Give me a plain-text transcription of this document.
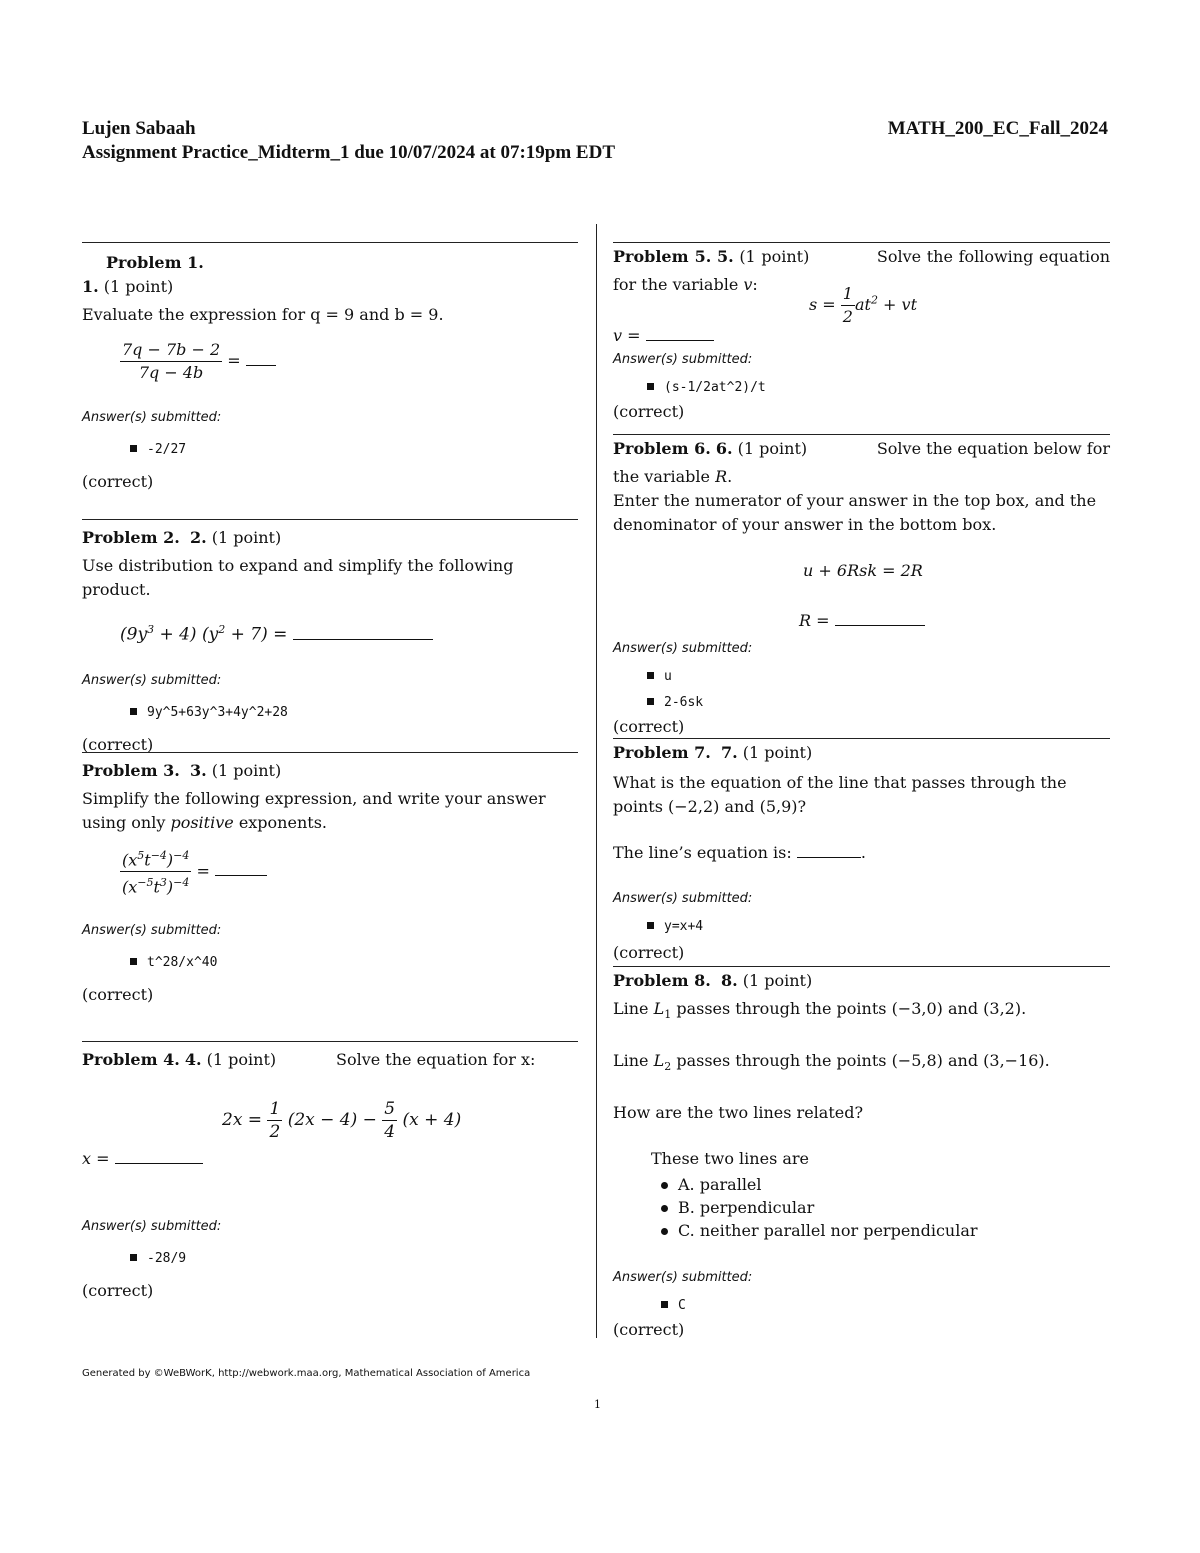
Lujen Sabaah	MATH_200_EC_Fall_2024
Assignment Practice_Midterm_1 due 10/07/2024 at 07:19pm EDT
Problem 1.
1. (1 point)
Evaluate the expression for q = 9 and b = 9.
$\frac{7q - 7b - 2}{7q - 4b}$ =
Answer(s) submitted:
-2/27
(correct)
Problem 2. 2. (1 point)
Use distribution to expand and simplify the following product.
$(9y^3 + 4) (y^2 + 7)$ =
Answer(s) submitted:
9y^5+63y^3+4y^2+28
(correct)
Problem 3. 3. (1 point)
Simplify the following expression, and write your answer using only positive exponents.
$\frac{(x^5t^{-4})^{-4}}{(x^{-5}t^3)^{-4}}$ =
Answer(s) submitted:
t^28/x^40
(correct)
Problem 4. 4. (1 point)	Solve the equation for x:
$2x = \frac{1}{2} (2x - 4) - \frac{5}{4} (x + 4)$
x =
Answer(s) submitted:
-28/9
(correct)
Problem 5. 5. (1 point)            Solve the following equation
for the variable v:
$s = \frac{1}{2} at^2$ + vt
v =
Answer(s) submitted:
(s-1/2at^2)/t
(correct)
Problem 6. 6. (1 point)	Solve the equation below for
the variable R.
Enter the numerator of your answer in the top box, and the denominator of your answer in the bottom box.
u + 6Rsk = 2R
R =
Answer(s) submitted:
u
2-6sk
(correct)
Problem 7. 7. (1 point)
What is the equation of the line that passes through the points (−2,2) and (5,9)?
The line’s equation is:	.
Answer(s) submitted:
y=x+4
(correct)
Problem 8. 8. (1 point)
Line $L_1$ passes through the points (−3,0) and (3,2).
Line $L_2$ passes through the points (−5,8) and (3,−16).
How are the two lines related?
These two lines are
A. parallel
B. perpendicular
C. neither parallel nor perpendicular
Answer(s) submitted:
C
(correct)
Generated by ©WeBWorK, http://webwork.maa.org, Mathematical Association of America
1
